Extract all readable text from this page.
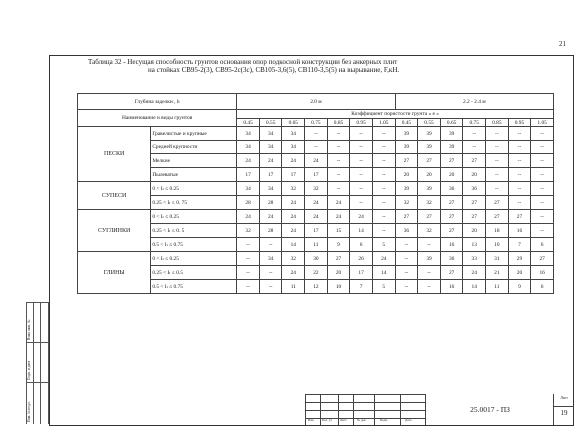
21
Таблица 32 - Несущая способность грунтов основания опор подкосной конструкции без анкерных плит
на стойках СВ95-2(3), СВ95-2с(3с), СВ105-3,6(5), СВ110-3,5(5) на вырывание, F,кН.
Глубина заделки , h		2.0 м							2.2 - 2.4 м						
Наименование и виды грунтов		Коэффициент пористости грунта « е »													
		0.45	0.55	0.65	0.75	0.85	0.95	1.05	0.45	0.55	0.65	0.75	0.85	0.95	1.05
ПЕСКИ	Гравелистые и крупные	34	34	34	--	--	--	--	39	39	39	--	--	--	--
	Средней крупности	34	34	34	--	--	--	--	39	39	39	--	--	--	--
	Мелкие	24	24	24	24	--	--	--	27	27	27	27	--	--	--
	Пылеватые	17	17	17	17	--	--	--	20	20	20	20	--	--	--
СУПЕСИ	0 < Iₗ ≤ 0.25	34	34	32	32	--	--	--	39	39	36	36	--	--	--
	0.25 < Iₗ ≤ 0. 75	28	28	24	24	24	--	--	32	32	27	27	27	--	--
СУГЛИНКИ	0 < Iₗ ≤ 0.25	24	24	24	24	24	24	--	27	27	27	27	27	27	--
	0.25 < Iₗ ≤ 0. 5	32	28	24	17	15	14	--	36	32	27	20	18	16	--
	0.5 < Iₗ ≤ 0.75	--	--	14	11	9	6	5	--	--	16	13	10	7	6
ГЛИНЫ	0 < Iₗ ≤ 0.25	--	34	32	30	27	26	24	--	39	36	33	31	29	27
	0.25 < Iₗ ≤ 0.5	--	--	24	22	20	17	14	--	--	27	24	21	20	16
	0.5 < Iₗ ≤ 0.75	--	--	11	12	10	7	5	--	--	16	14	11	9	6
Взам. инв. №
Подп. и дата
Инв. № подл.	Изм	Кол. уч	Лист	№ док	Подп.	Дата
25.0017 - ПЗ
Лист
19
